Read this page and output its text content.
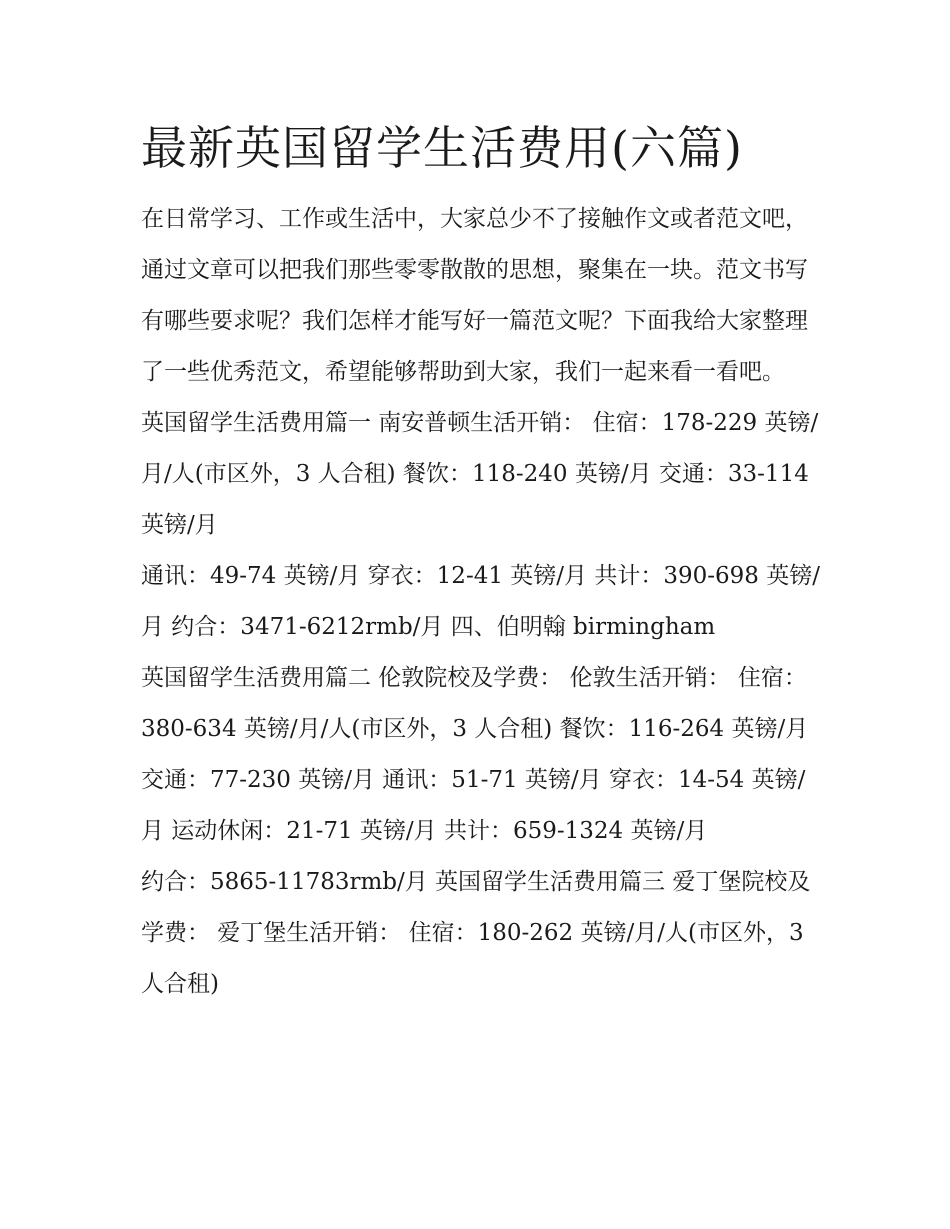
最新英国留学生活费用(六篇)

在日常学习、工作或生活中，大家总少不了接触作文或者范文吧，通过文章可以把我们那些零零散散的思想，聚集在一块。范文书写有哪些要求呢？我们怎样才能写好一篇范文呢？下面我给大家整理了一些优秀范文，希望能够帮助到大家，我们一起来看一看吧。

英国留学生活费用篇一 南安普顿生活开销： 住宿：178-229 英镑/月/人(市区外，3 人合租) 餐饮：118-240 英镑/月 交通：33-114 英镑/月

通讯：49-74 英镑/月 穿衣：12-41 英镑/月 共计：390-698 英镑/月 约合：3471-6212rmb/月 四、伯明翰 birmingham

英国留学生活费用篇二 伦敦院校及学费： 伦敦生活开销： 住宿：380-634 英镑/月/人(市区外，3 人合租) 餐饮：116-264 英镑/月

交通：77-230 英镑/月 通讯：51-71 英镑/月 穿衣：14-54 英镑/月 运动休闲：21-71 英镑/月 共计：659-1324 英镑/月

约合：5865-11783rmb/月 英国留学生活费用篇三 爱丁堡院校及学费： 爱丁堡生活开销： 住宿：180-262 英镑/月/人(市区外，3 人合租)
